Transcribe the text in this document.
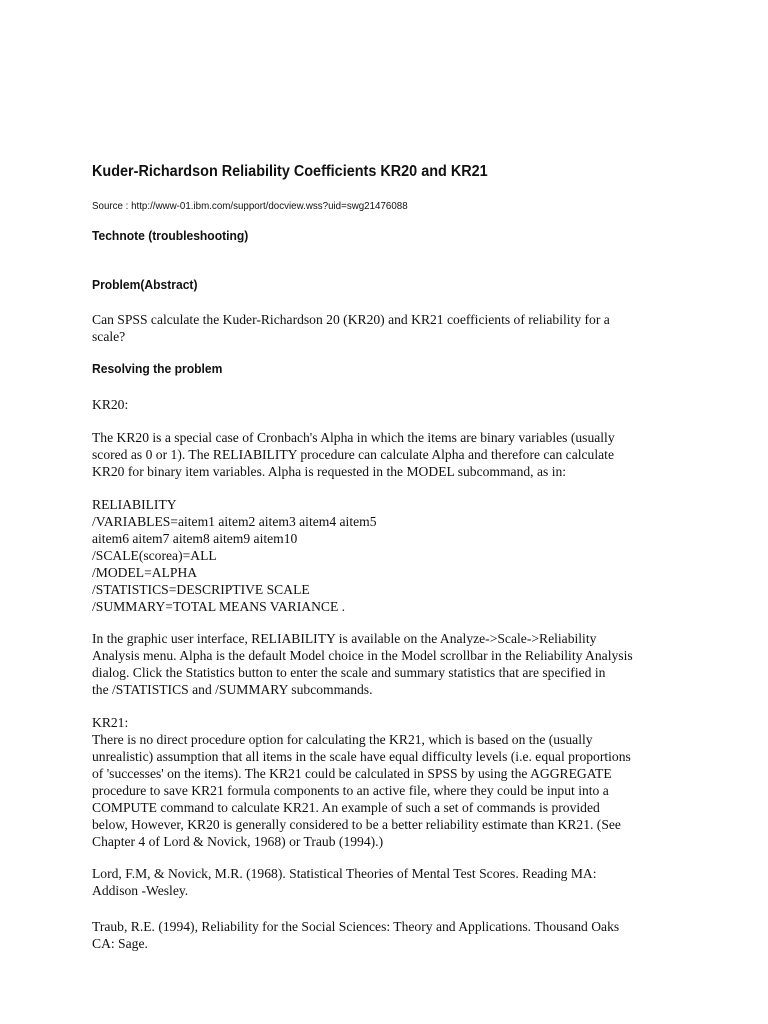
Kuder-Richardson Reliability Coefficients KR20 and KR21
Source : http://www-01.ibm.com/support/docview.wss?uid=swg21476088
Technote (troubleshooting)
Problem(Abstract)
Can SPSS calculate the Kuder-Richardson 20 (KR20) and KR21 coefficients of reliability for a
scale?
Resolving the problem
KR20:
The KR20 is a special case of Cronbach's Alpha in which the items are binary variables (usually
scored as 0 or 1). The RELIABILITY procedure can calculate Alpha and therefore can calculate
KR20 for binary item variables. Alpha is requested in the MODEL subcommand, as in:
RELIABILITY
/VARIABLES=aitem1 aitem2 aitem3 aitem4 aitem5
aitem6 aitem7 aitem8 aitem9 aitem10
/SCALE(scorea)=ALL
/MODEL=ALPHA
/STATISTICS=DESCRIPTIVE SCALE
/SUMMARY=TOTAL MEANS VARIANCE .
In the graphic user interface, RELIABILITY is available on the Analyze->Scale->Reliability
Analysis menu. Alpha is the default Model choice in the Model scrollbar in the Reliability Analysis
dialog. Click the Statistics button to enter the scale and summary statistics that are specified in
the /STATISTICS and /SUMMARY subcommands.
KR21:
There is no direct procedure option for calculating the KR21, which is based on the (usually
unrealistic) assumption that all items in the scale have equal difficulty levels (i.e. equal proportions
of 'successes' on the items). The KR21 could be calculated in SPSS by using the AGGREGATE
procedure to save KR21 formula components to an active file, where they could be input into a
COMPUTE command to calculate KR21. An example of such a set of commands is provided
below, However, KR20 is generally considered to be a better reliability estimate than KR21. (See
Chapter 4 of Lord & Novick, 1968) or Traub (1994).)
Lord, F.M, & Novick, M.R. (1968). Statistical Theories of Mental Test Scores. Reading MA:
Addison -Wesley.
Traub, R.E. (1994), Reliability for the Social Sciences: Theory and Applications. Thousand Oaks
CA: Sage.
